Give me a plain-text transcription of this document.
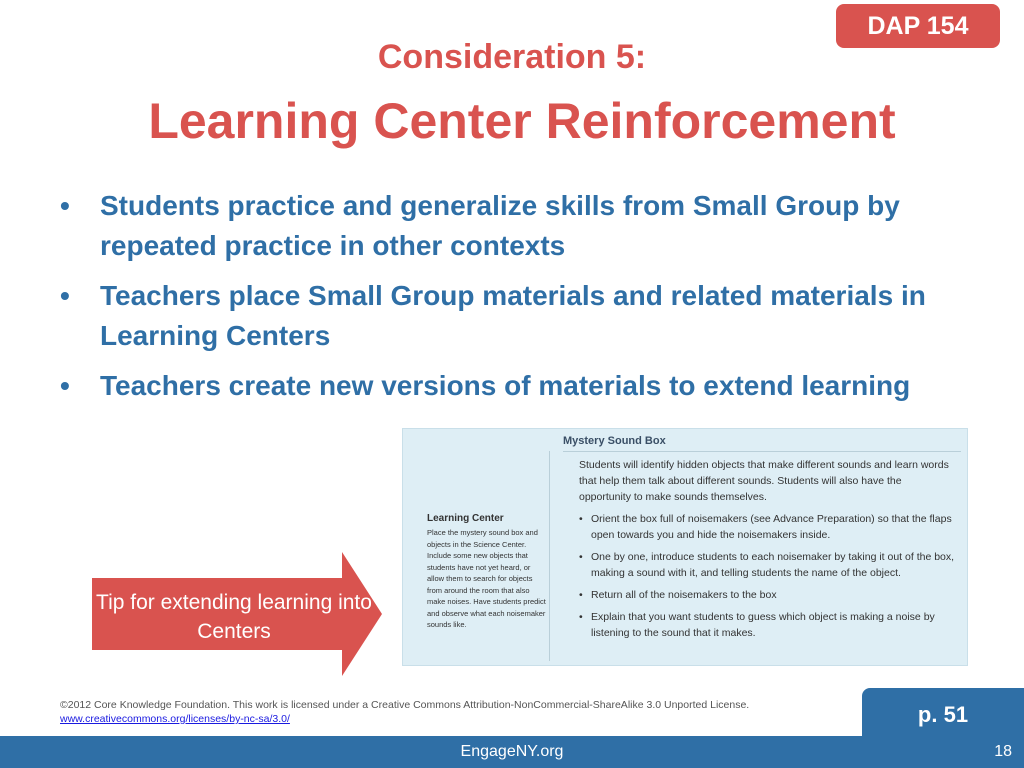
DAP 154
Consideration 5:
Learning Center Reinforcement
• Students practice and generalize skills from Small Group by repeated practice in other contexts
• Teachers place Small Group materials and related materials in Learning Centers
• Teachers create new versions of materials to extend learning
Mystery Sound Box
Students will identify hidden objects that make different sounds and learn words that help them talk about different sounds. Students will also have the opportunity to make sounds themselves.
• Orient the box full of noisemakers (see Advance Preparation) so that the flaps open towards you and hide the noisemakers inside.
• One by one, introduce students to each noisemaker by taking it out of the box, making a sound with it, and telling students the name of the object.
• Return all of the noisemakers to the box
• Explain that you want students to guess which object is making a noise by listening to the sound that it makes.
Learning Center
Place the mystery sound box and objects in the Science Center. Include some new objects that students have not yet heard, or allow them to search for objects from around the room that also make noises. Have students predict and observe what each noisemaker sounds like.
Tip for extending learning into Centers
©2012 Core Knowledge Foundation. This work is licensed under a Creative Commons Attribution-NonCommercial-ShareAlike 3.0 Unported License. www.creativecommons.org/licenses/by-nc-sa/3.0/	p. 51
EngageNY.org	18
